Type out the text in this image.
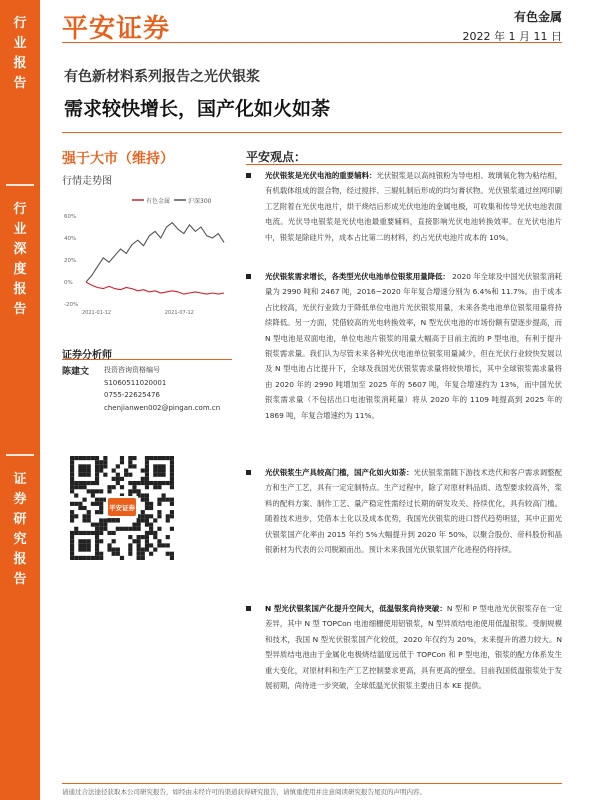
行
业
报
告
行
业
深
度
报
告
证
券
研
究
报
告
平安证券	有色金属
2022 年 1 月 11 日
有色新材料系列报告之光伏银浆
需求较快增长，国产化如火如荼
强于大市（维持）
行情走势图
有色金属	沪深300
60%
40%
20%
0%
-20%
2021-01-12	2021-07-12
证券分析师
陈建文 投资咨询资格编号
S1060511020001
0755-22625476
chenjianwen002@pingan.com.cn
平安证券
平安观点：
光伏银浆是光伏电池的重要辅料：光伏银浆是以高纯银粉为导电相、玻璃氧化物为粘结相，有机载体组成的混合物，经过搅拌、三辊轧制后形成的均匀膏状物。光伏银浆通过丝网印刷工艺附着在光伏电池片，烘干烧结后形成光伏电池的金属电极，可收集和传导光伏电池表面电流。光伏导电银浆是光伏电池最重要辅料，直接影响光伏电池转换效率。在光伏电池片中，银浆是除硅片外，成本占比第二的材料，约占光伏电池片成本的 10%。
光伏银浆需求增长，各类型光伏电池单位银浆用量降低： 2020 年全球及中国光伏银浆消耗量为 2990 吨和 2467 吨，2016~2020 年年复合增速分别为 6.4%和 11.7%。由于成本占比较高，光伏行业致力于降低单位电池片光伏银浆用量，未来各类电池单位银浆用量将持续降低。另一方面，凭借较高的光电转换效率，N 型光伏电池的市场份额有望逐步提高，而 N 型电池是双面电池，单位电池片银浆的用量大幅高于目前主流的 P 型电池，有利于提升银浆需求量。我们认为尽管未来各种光伏电池单位银浆用量减少，但在光伏行业较快发展以及 N 型电池占比提升下，全球及我国光伏银浆需求量将较快增长，其中全球银浆需求量将由 2020 年的 2990 吨增加至 2025 年的 5607 吨，年复合增速约为 13%，而中国光伏银浆需求量（不包括出口电池银浆消耗量）将从 2020 年的 1109 吨提高到 2025 年的 1869 吨，年复合增速约为 11%。
光伏银浆生产具较高门槛，国产化如火如荼：光伏银浆需随下游技术迭代和客户需求调整配方和生产工艺，具有一定定制特点。生产过程中，除了对原材料品质、选型要求较高外，浆料的配料方案、制作工艺、量产稳定性需经过长期的研发攻关、持续优化，具有较高门槛。随着技术进步，凭借本土化以及成本优势，我国光伏银浆的进口替代趋势明显，其中正面光伏银浆国产化率由 2015 年约 5%大幅提升到 2020 年 50%，以聚合股份、帝科股份和晶银新材为代表的公司脱颖而出。预计未来我国光伏银浆国产化进程仍将持续。
N 型光伏银浆国产化提升空间大，低温银浆尚待突破：N 型和 P 型电池光伏银浆存在一定差异，其中 N 型 TOPCon 电池细栅使用铝银浆，N 型异质结电池使用低温银浆。受制规模和技术，我国 N 型光伏银浆国产化较低，2020 年仅约为 20%，未来提升的潜力较大。N 型异质结电池由于金属化电极烧结温度远低于 TOPCon 和 P 型电池，银浆的配方体系发生重大变化，对原材料和生产工艺控制要求更高，具有更高的壁垒。目前我国低温银浆处于发展初期，尚待进一步突破，全球低温光伏银浆主要由日本 KE 提供。
请通过合法途径获取本公司研究报告，如经由未经许可的渠道获得研究报告，请慎重使用并注意阅读研究报告尾页的声明内容。
